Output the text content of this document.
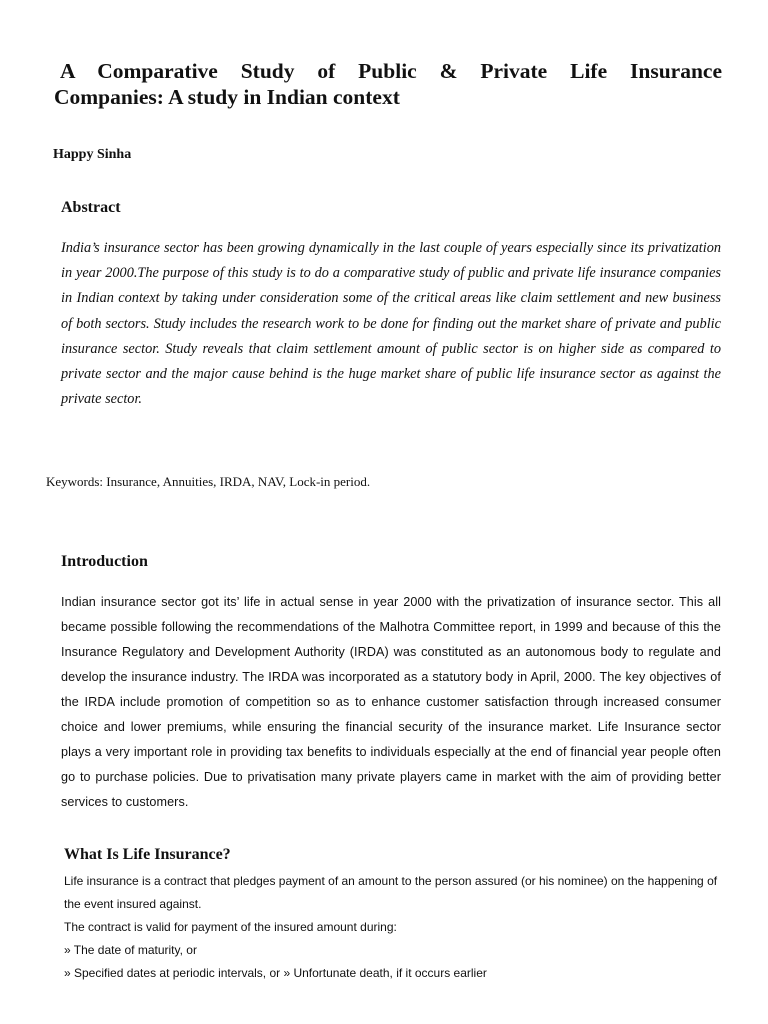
A Comparative Study of Public & Private Life Insurance
Companies: A study in Indian context

Happy Sinha

Abstract

India’s insurance sector has been growing dynamically in the last couple of years especially since its privatization in year 2000.The purpose of this study is to do a comparative study of public and private life insurance companies in Indian context by taking under consideration some of the critical areas like claim settlement and new business of both sectors. Study includes the research work to be done for finding out the market share of private and public insurance sector. Study reveals that claim settlement amount of public sector is on higher side as compared to private sector and the major cause behind is the huge market share of public life insurance sector as against the private sector.

Keywords: Insurance, Annuities, IRDA, NAV, Lock-in period.

Introduction

Indian insurance sector got its’ life in actual sense in year 2000 with the privatization of insurance sector. This all became possible following the recommendations of the Malhotra Committee report, in 1999 and because of this the Insurance Regulatory and Development Authority (IRDA) was constituted as an autonomous body to regulate and develop the insurance industry. The IRDA was incorporated as a statutory body in April, 2000. The key objectives of the IRDA include promotion of competition so as to enhance customer satisfaction through increased consumer choice and lower premiums, while ensuring the financial security of the insurance market. Life Insurance sector plays a very important role in providing tax benefits to individuals especially at the end of financial year people often go to purchase policies. Due to privatisation many private players came in market with the aim of providing better services to customers.

What Is Life Insurance?

Life insurance is a contract that pledges payment of an amount to the person assured (or his nominee) on the happening of the event insured against.

The contract is valid for payment of the insured amount during:

» The date of maturity, or

» Specified dates at periodic intervals, or » Unfortunate death, if it occurs earlier
